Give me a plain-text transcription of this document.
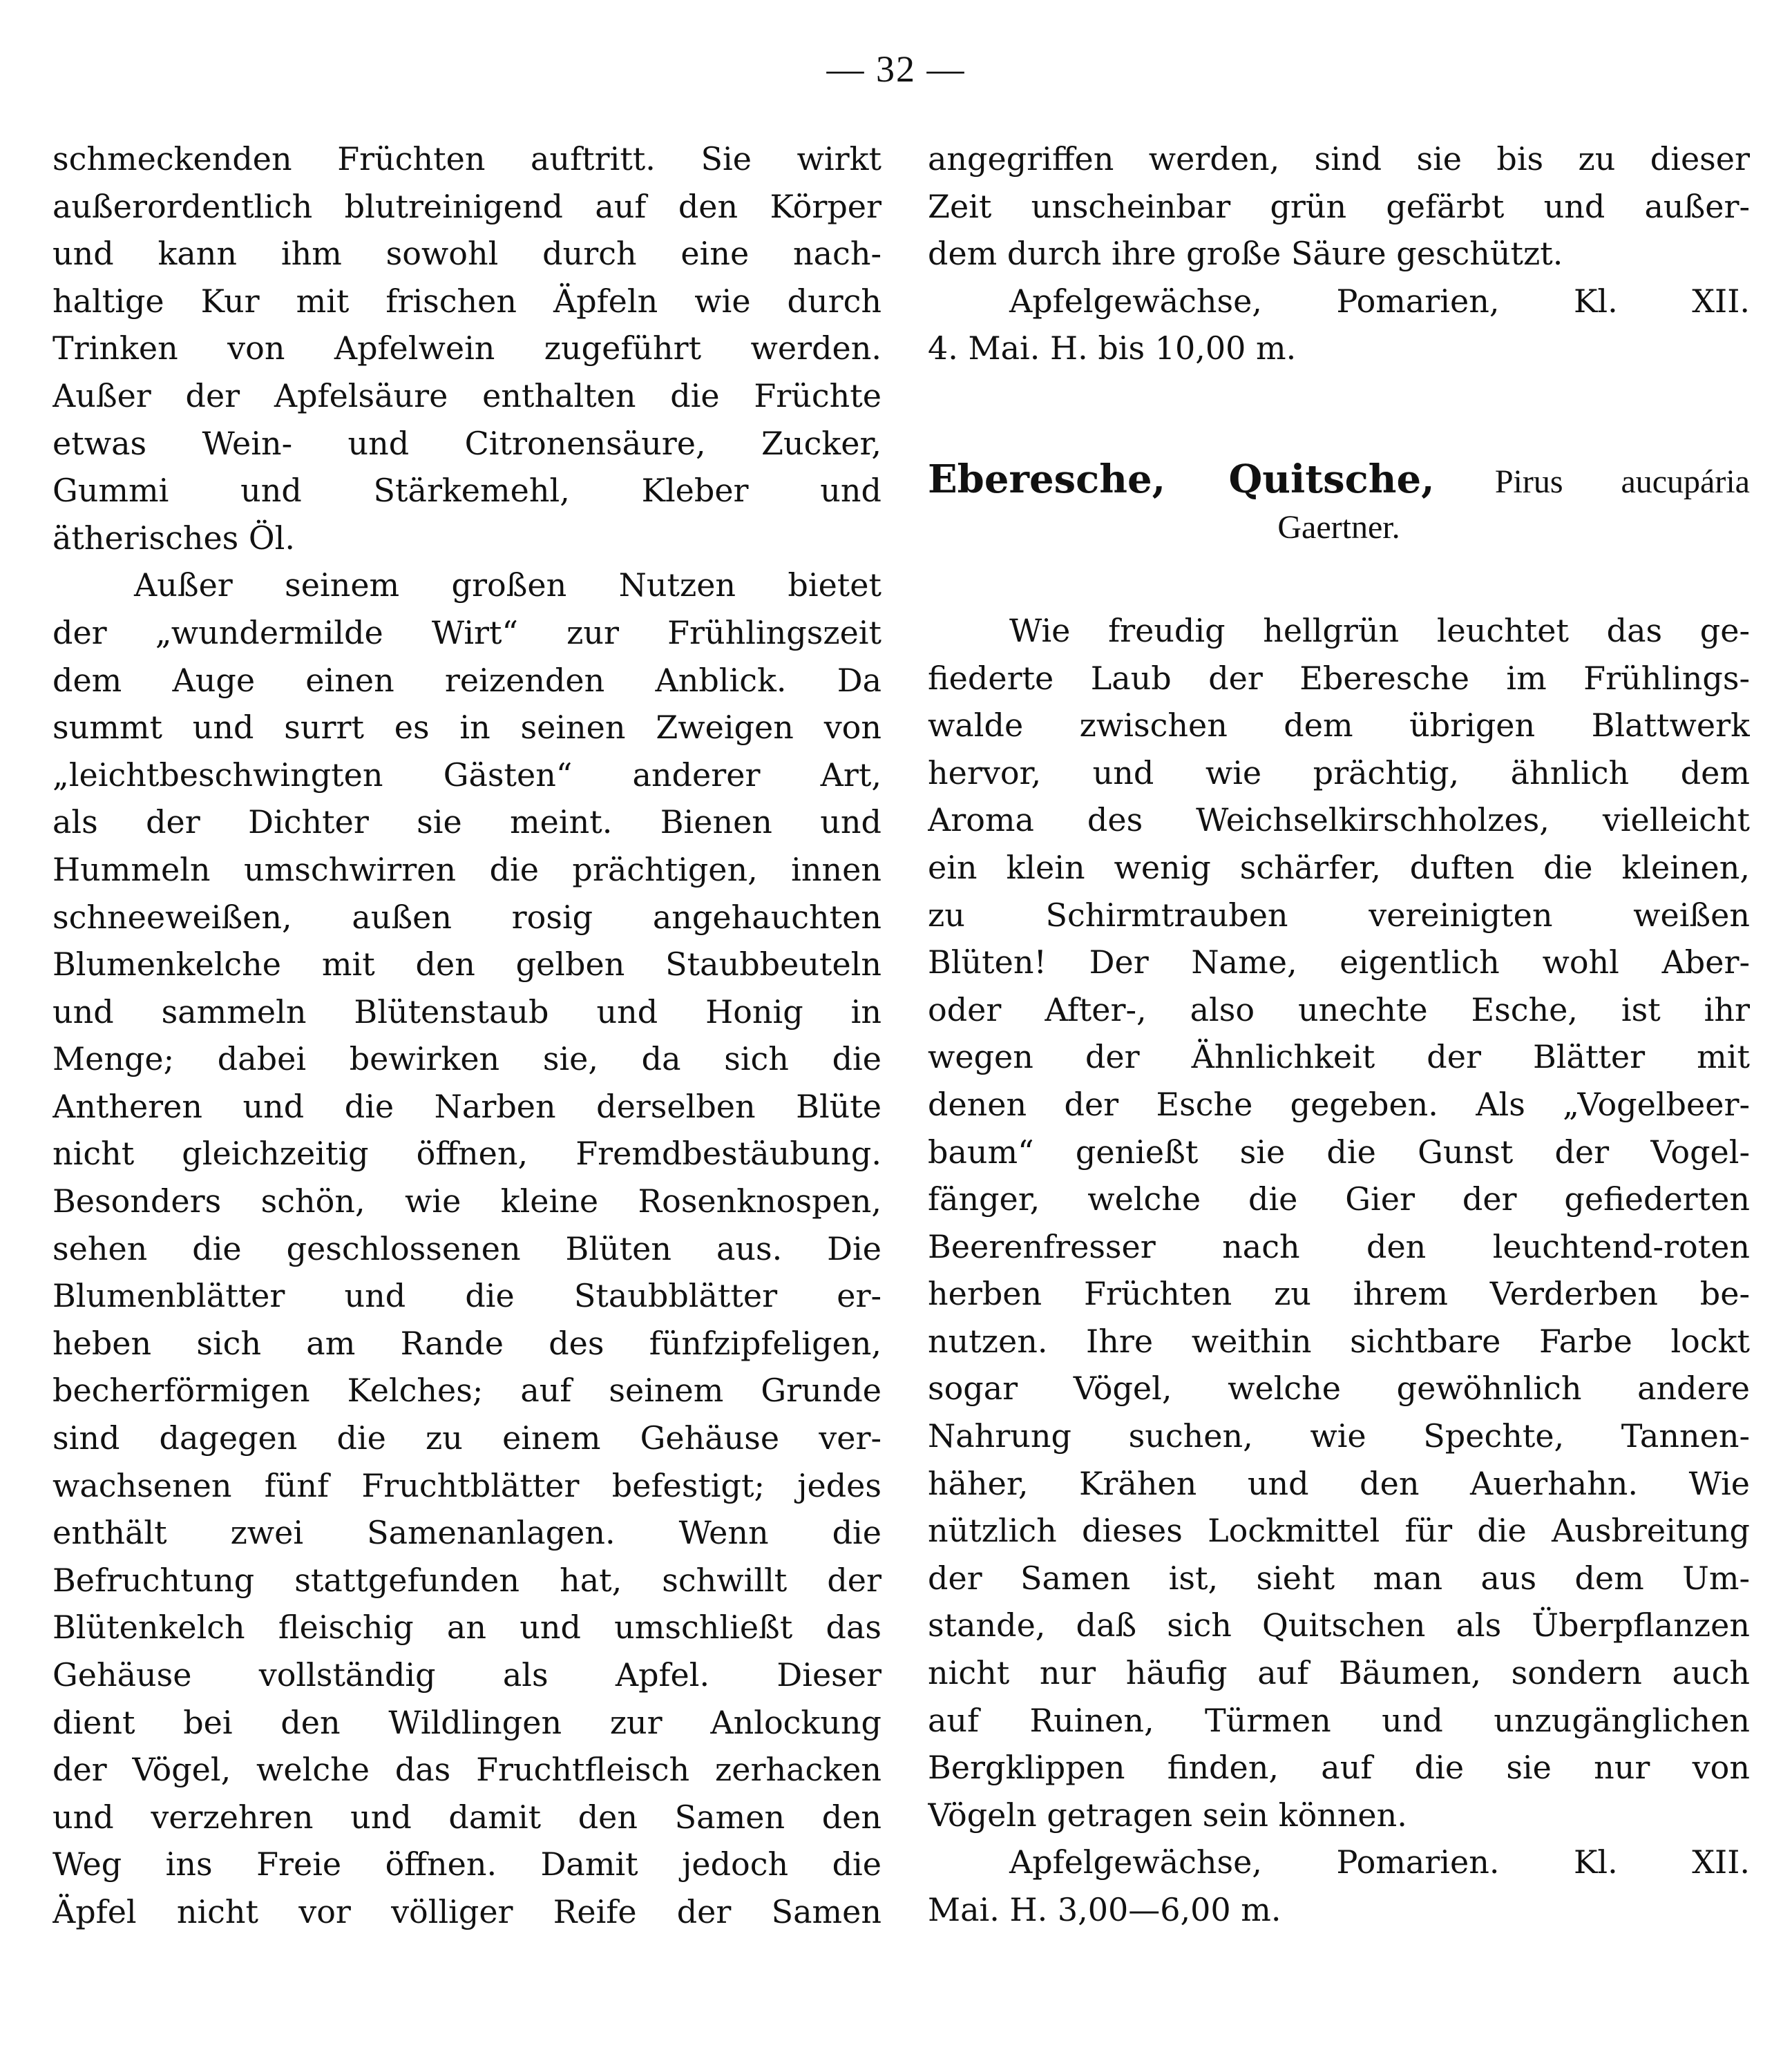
— 32 —
schmeckenden Früchten auftritt. Sie wirkt
außerordentlich blutreinigend auf den Körper
und kann ihm sowohl durch eine nach-
haltige Kur mit frischen Äpfeln wie durch
Trinken von Apfelwein zugeführt werden.
Außer der Apfelsäure enthalten die Früchte
etwas Wein- und Citronensäure, Zucker,
Gummi und Stärkemehl, Kleber und
ätherisches Öl.
Außer seinem großen Nutzen bietet
der „wundermilde Wirt“ zur Frühlingszeit
dem Auge einen reizenden Anblick. Da
summt und surrt es in seinen Zweigen von
„leichtbeschwingten Gästen“ anderer Art,
als der Dichter sie meint. Bienen und
Hummeln umschwirren die prächtigen, innen
schneeweißen, außen rosig angehauchten
Blumenkelche mit den gelben Staubbeuteln
und sammeln Blütenstaub und Honig in
Menge; dabei bewirken sie, da sich die
Antheren und die Narben derselben Blüte
nicht gleichzeitig öffnen, Fremdbestäubung.
Besonders schön, wie kleine Rosenknospen,
sehen die geschlossenen Blüten aus. Die
Blumenblätter und die Staubblätter er-
heben sich am Rande des fünfzipfeligen,
becherförmigen Kelches; auf seinem Grunde
sind dagegen die zu einem Gehäuse ver-
wachsenen fünf Fruchtblätter befestigt; jedes
enthält zwei Samenanlagen. Wenn die
Befruchtung stattgefunden hat, schwillt der
Blütenkelch fleischig an und umschließt das
Gehäuse vollständig als Apfel. Dieser
dient bei den Wildlingen zur Anlockung
der Vögel, welche das Fruchtfleisch zerhacken
und verzehren und damit den Samen den
Weg ins Freie öffnen. Damit jedoch die
Äpfel nicht vor völliger Reife der Samen
angegriffen werden, sind sie bis zu dieser
Zeit unscheinbar grün gefärbt und außer-
dem durch ihre große Säure geschützt.
Apfelgewächse, Pomarien, Kl. XII.
4. Mai. H. bis 10,00 m.
Eberesche, Quitsche, Pirus aucupária
Gaertner.
Wie freudig hellgrün leuchtet das ge-
fiederte Laub der Eberesche im Frühlings-
walde zwischen dem übrigen Blattwerk
hervor, und wie prächtig, ähnlich dem
Aroma des Weichselkirschholzes, vielleicht
ein klein wenig schärfer, duften die kleinen,
zu Schirmtrauben vereinigten weißen
Blüten! Der Name, eigentlich wohl Aber-
oder After-, also unechte Esche, ist ihr
wegen der Ähnlichkeit der Blätter mit
denen der Esche gegeben. Als „Vogelbeer-
baum“ genießt sie die Gunst der Vogel-
fänger, welche die Gier der gefiederten
Beerenfresser nach den leuchtend-roten
herben Früchten zu ihrem Verderben be-
nutzen. Ihre weithin sichtbare Farbe lockt
sogar Vögel, welche gewöhnlich andere
Nahrung suchen, wie Spechte, Tannen-
häher, Krähen und den Auerhahn. Wie
nützlich dieses Lockmittel für die Ausbreitung
der Samen ist, sieht man aus dem Um-
stande, daß sich Quitschen als Überpflanzen
nicht nur häufig auf Bäumen, sondern auch
auf Ruinen, Türmen und unzugänglichen
Bergklippen finden, auf die sie nur von
Vögeln getragen sein können.
Apfelgewächse, Pomarien. Kl. XII.
Mai. H. 3,00—6,00 m.
